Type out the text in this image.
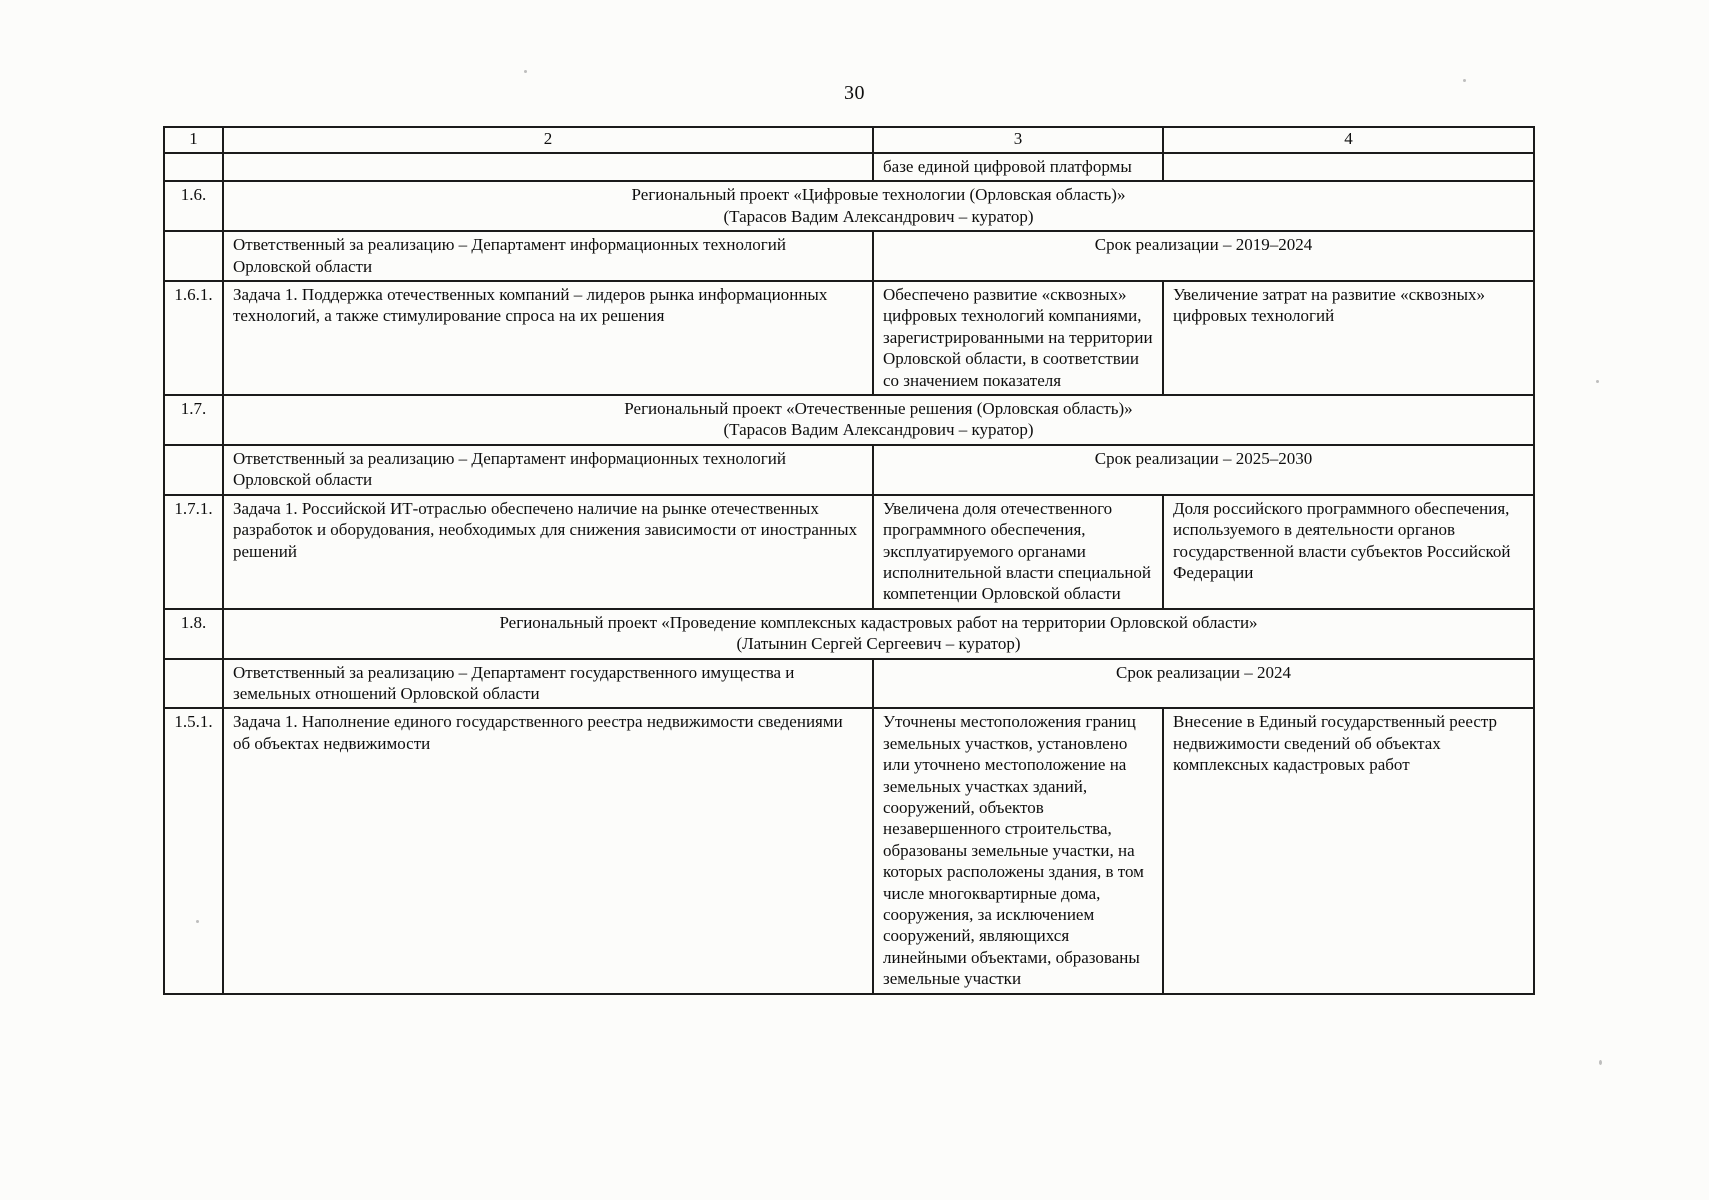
30
1	2	3	4
		базе единой цифровой платформы	
1.6.	Региональный проект «Цифровые технологии (Орловская область)»
(Тарасов Вадим Александрович – куратор)		

	Ответственный за реализацию – Департамент информационных технологий Орловской области	Срок реализации – 2019–2024	
1.6.1.	Задача 1. Поддержка отечественных компаний – лидеров рынка информационных технологий, а также стимулирование спроса на их решения	Обеспечено развитие «сквозных» цифровых технологий компаниями, зарегистрированными на территории Орловской области, в соответствии со значением показателя	Увеличение затрат на развитие «сквозных» цифровых технологий
1.7.	Региональный проект «Отечественные решения (Орловская область)»
(Тарасов Вадим Александрович – куратор)		

	Ответственный за реализацию – Департамент информационных технологий Орловской области	Срок реализации – 2025–2030	
1.7.1.	Задача 1. Российской ИТ-отраслью обеспечено наличие на рынке отечественных разработок и оборудования, необходимых для снижения зависимости от иностранных решений	Увеличена доля отечественного программного обеспечения, эксплуатируемого органами исполнительной власти специальной компетенции Орловской области	Доля российского программного обеспечения, используемого в деятельности органов государственной власти субъектов Российской Федерации
1.8.	Региональный проект «Проведение комплексных кадастровых работ на территории Орловской области»
(Латынин Сергей Сергеевич – куратор)		

	Ответственный за реализацию – Департамент государственного имущества и земельных отношений Орловской области	Срок реализации – 2024	
1.5.1.	Задача 1. Наполнение единого государственного реестра недвижимости сведениями об объектах недвижимости	Уточнены местоположения границ земельных участков, установлено или уточнено местоположение на земельных участках зданий, сооружений, объектов незавершенного строительства, образованы земельные участки, на которых расположены здания, в том числе многоквартирные дома, сооружения, за исключением сооружений, являющихся линейными объектами, образованы земельные участки	Внесение в Единый государственный реестр недвижимости сведений об объектах комплексных кадастровых работ
